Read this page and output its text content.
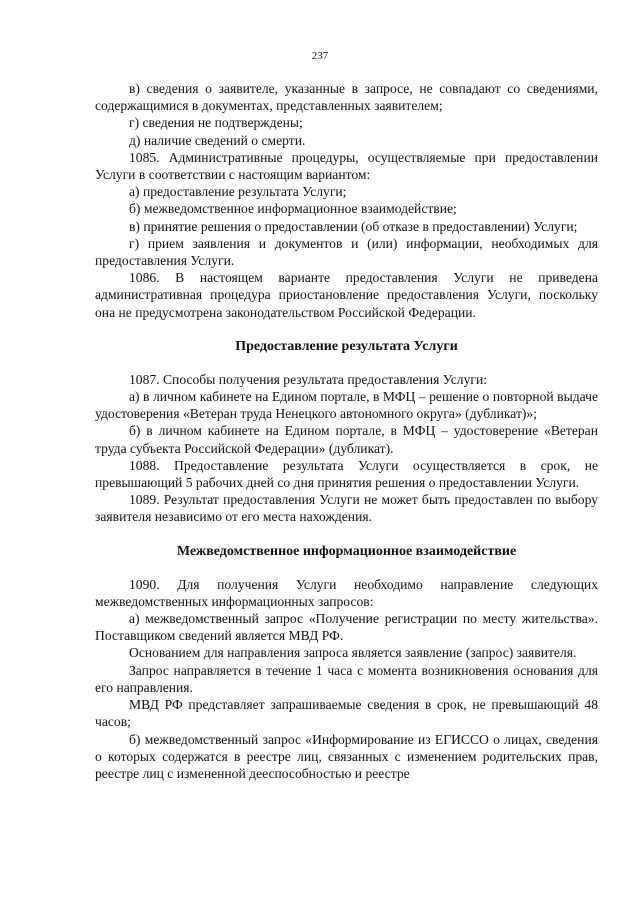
237

в) сведения о заявителе, указанные в запросе, не совпадают со сведениями, содержащимися в документах, представленных заявителем;

г) сведения не подтверждены;

д) наличие сведений о смерти.

1085. Административные процедуры, осуществляемые при предоставлении Услуги в соответствии с настоящим вариантом:

а) предоставление результата Услуги;

б) межведомственное информационное взаимодействие;

в) принятие решения о предоставлении (об отказе в предоставлении) Услуги;

г) прием заявления и документов и (или) информации, необходимых для предоставления Услуги.

1086. В настоящем варианте предоставления Услуги не приведена административная процедура приостановление предоставления Услуги, поскольку она не предусмотрена законодательством Российской Федерации.

Предоставление результата Услуги

1087. Способы получения результата предоставления Услуги:

а) в личном кабинете на Едином портале, в МФЦ – решение о повторной выдаче удостоверения «Ветеран труда Ненецкого автономного округа» (дубликат)»;

б) в личном кабинете на Едином портале, в МФЦ – удостоверение «Ветеран труда субъекта Российской Федерации» (дубликат).

1088. Предоставление результата Услуги осуществляется в срок, не превышающий 5 рабочих дней со дня принятия решения о предоставлении Услуги.

1089. Результат предоставления Услуги не может быть предоставлен по выбору заявителя независимо от его места нахождения.

Межведомственное информационное взаимодействие

1090. Для получения Услуги необходимо направление следующих межведомственных информационных запросов:

а) межведомственный запрос «Получение регистрации по месту жительства». Поставщиком сведений является МВД РФ.

Основанием для направления запроса является заявление (запрос) заявителя.

Запрос направляется в течение 1 часа с момента возникновения основания для его направления.

МВД РФ представляет запрашиваемые сведения в срок, не превышающий 48 часов;

б) межведомственный запрос «Информирование из ЕГИССО о лицах, сведения о которых содержатся в реестре лиц, связанных с изменением родительских прав, реестре лиц с измененной дееспособностью и реестре
